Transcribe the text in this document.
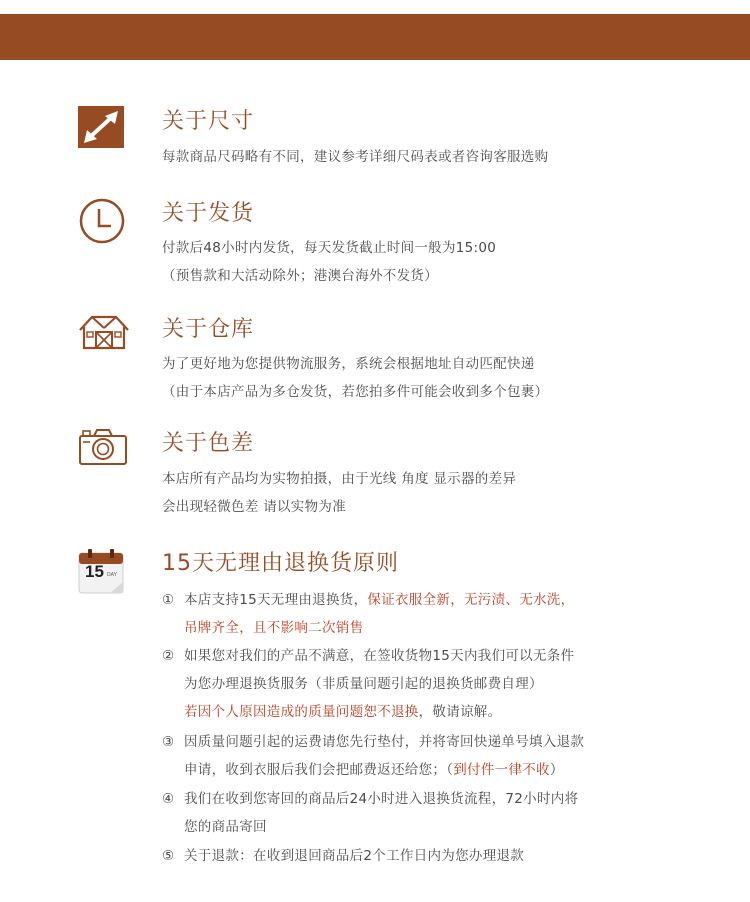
关于尺寸
每款商品尺码略有不同，建议参考详细尺码表或者咨询客服选购
关于发货
付款后48小时内发货，每天发货截止时间一般为15:00
（预售款和大活动除外；港澳台海外不发货）
关于仓库
为了更好地为您提供物流服务，系统会根据地址自动匹配快递
（由于本店产品为多仓发货，若您拍多件可能会收到多个包裹）
关于色差
本店所有产品均为实物拍摄，由于光线 角度 显示器的差异
会出现轻微色差 请以实物为准
15 DAY 15天无理由退换货原则
① 本店支持15天无理由退换货，保证衣服全新，无污渍、无水洗，
吊牌齐全，且不影响二次销售
② 如果您对我们的产品不满意，在签收货物15天内我们可以无条件
为您办理退换货服务（非质量问题引起的退换货邮费自理）
若因个人原因造成的质量问题恕不退换，敬请谅解。
③ 因质量问题引起的运费请您先行垫付，并将寄回快递单号填入退款
申请，收到衣服后我们会把邮费返还给您；（到付件一律不收）
④ 我们在收到您寄回的商品后24小时进入退换货流程，72小时内将
您的商品寄回
⑤ 关于退款：在收到退回商品后2个工作日内为您办理退款
